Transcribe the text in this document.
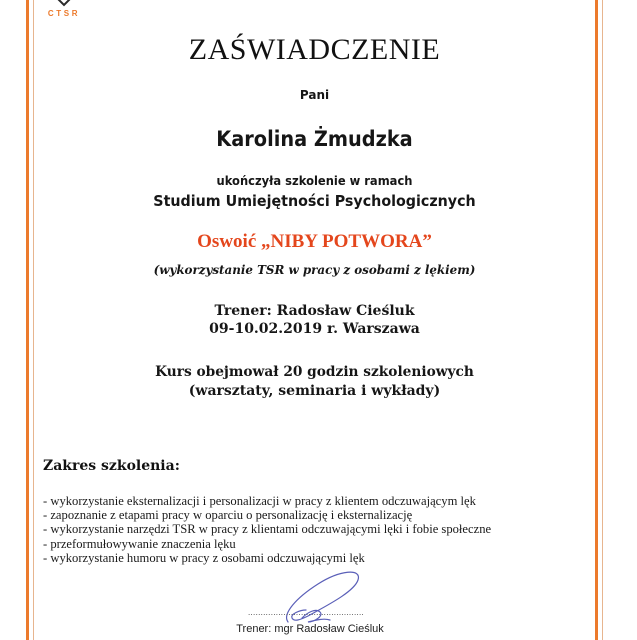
CTSR
ZAŚWIADCZENIE
Pani
Karolina Żmudzka
ukończyła szkolenie w ramach
Studium Umiejętności Psychologicznych
Oswoić „NIBY POTWORA”
(wykorzystanie TSR w pracy z osobami z lękiem)
Trener: Radosław Cieśluk
09-10.02.2019 r. Warszawa
Kurs obejmował 20 godzin szkoleniowych
(warsztaty, seminaria i wykłady)
Zakres szkolenia:
- wykorzystanie eksternalizacji i personalizacji w pracy z klientem odczuwającym lęk
- zapoznanie z etapami pracy w oparciu o personalizację i eksternalizację
- wykorzystanie narzędzi TSR w pracy z klientami odczuwającymi lęki i fobie społeczne
- przeformułowywanie znaczenia lęku
- wykorzystanie humoru w pracy z osobami odczuwającymi lęk
..............................................
Trener: mgr Radosław Cieśluk
